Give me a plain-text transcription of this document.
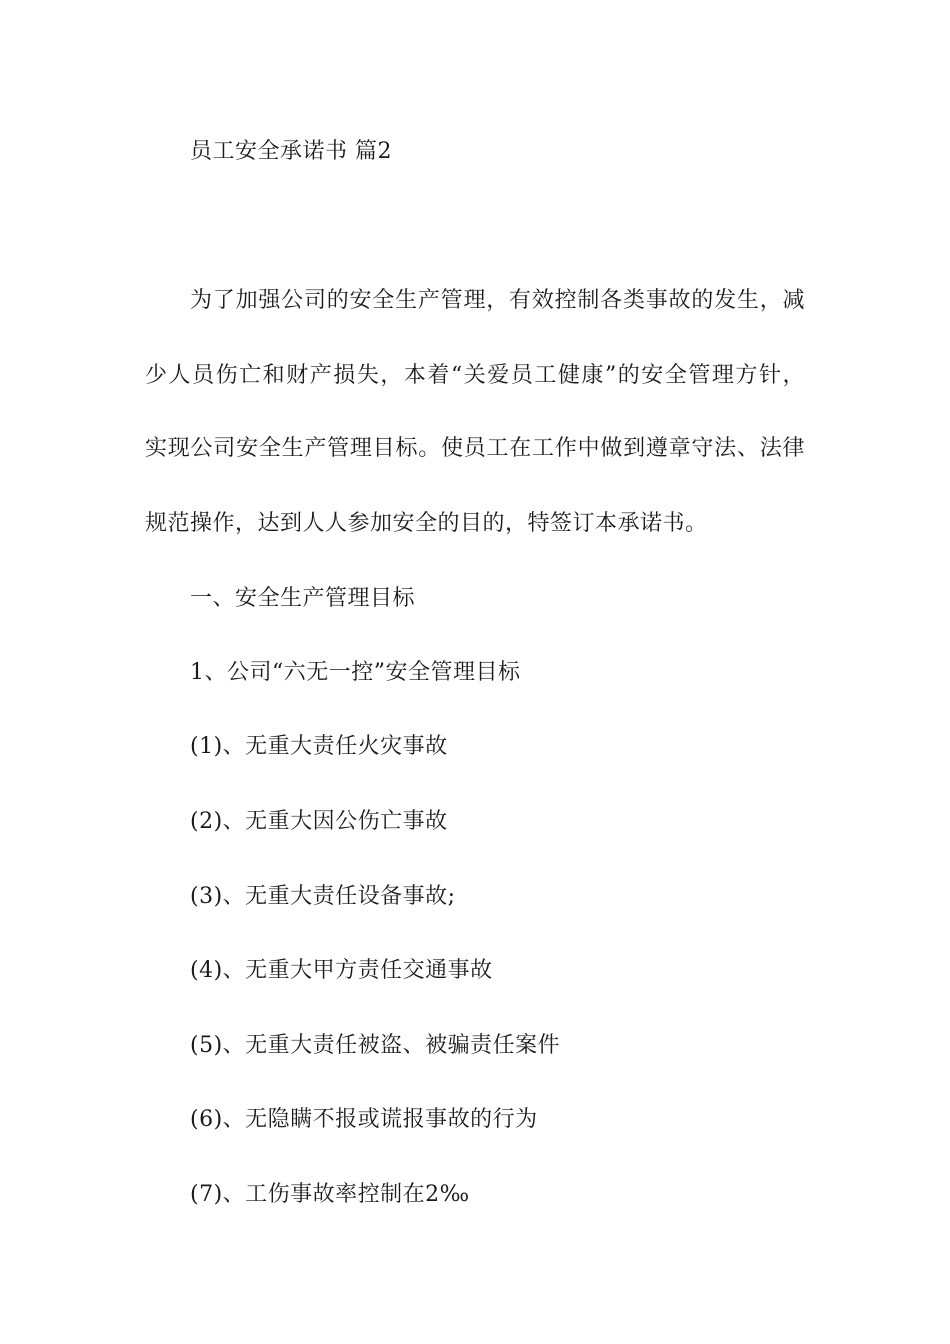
员工安全承诺书 篇2

为了加强公司的安全生产管理，有效控制各类事故的发生，减

少人员伤亡和财产损失，本着“关爱员工健康”的安全管理方针，

实现公司安全生产管理目标。使员工在工作中做到遵章守法、法律

规范操作，达到人人参加安全的目的，特签订本承诺书。

一、安全生产管理目标

1、公司“六无一控”安全管理目标

(1)、无重大责任火灾事故

(2)、无重大因公伤亡事故

(3)、无重大责任设备事故;

(4)、无重大甲方责任交通事故

(5)、无重大责任被盗、被骗责任案件

(6)、无隐瞒不报或谎报事故的行为

(7)、工伤事故率控制在2‰
